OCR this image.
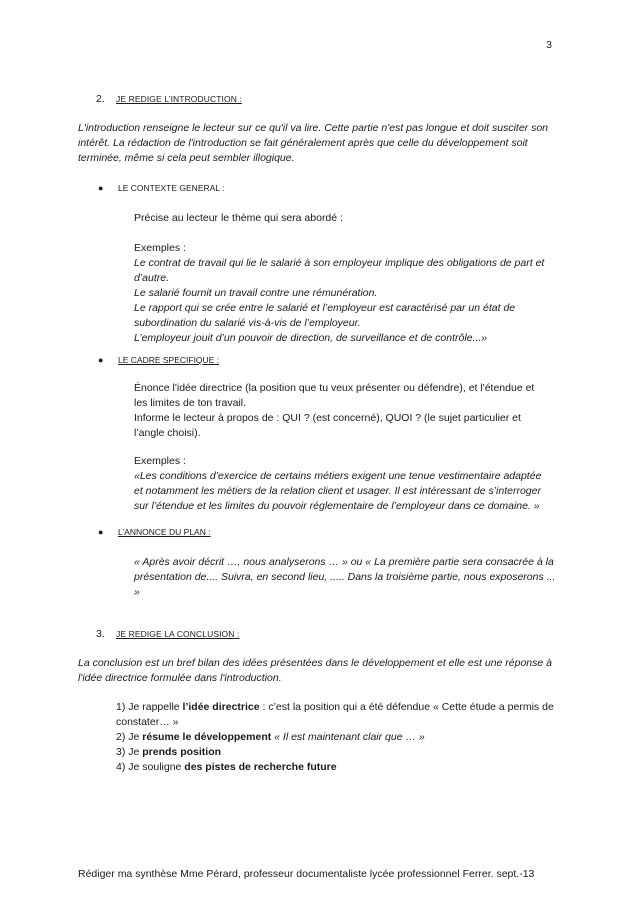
3
2. JE REDIGE L’INTRODUCTION :
L'introduction renseigne le lecteur sur ce qu'il va lire. Cette partie n'est pas longue et doit susciter son
intérêt. La rédaction de l'introduction se fait généralement après que celle du développement soit
terminée, même si cela peut sembler illogique.
● LE CONTEXTE GENERAL :
Précise au lecteur le thème qui sera abordé :
Exemples :
Le contrat de travail qui lie le salarié à son employeur implique des obligations de part et
d’autre.
Le salarié fournit un travail contre une rémunération.
Le rapport qui se crée entre le salarié et l’employeur est caractérisé par un état de
subordination du salarié vis-à-vis de l’employeur.
L’employeur jouit d’un pouvoir de direction, de surveillance et de contrôle...»
● LE CADRE SPECIFIQUE :
Énonce l'idée directrice (la position que tu veux présenter ou défendre), et l'étendue et
les limites de ton travail.
Informe le lecteur à propos de : QUI ? (est concerné), QUOI ? (le sujet particulier et
l’angle choisi).
Exemples :
«Les conditions d’exercice de certains métiers exigent une tenue vestimentaire adaptée
et notamment les métiers de la relation client et usager. Il est intéressant de s’interroger
sur l’étendue et les limites du pouvoir réglementaire de l’employeur dans ce domaine. »
● L’ANNONCE DU PLAN :
« Après avoir décrit …, nous analyserons … » ou « La première partie sera consacrée à la
présentation de.... Suivra, en second lieu, ..... Dans la troisième partie, nous exposerons ...
»
3. JE REDIGE LA CONCLUSION :
La conclusion est un bref bilan des idées présentées dans le développement et elle est une réponse à
l'idée directrice formulée dans l'introduction.
1) Je rappelle l’idée directrice : c’est la position qui a été défendue « Cette étude a permis de
constater… »
2) Je résume le développement « Il est maintenant clair que … »
3) Je prends position
4) Je souligne des pistes de recherche future
Rédiger ma synthèse Mme Pérard, professeur documentaliste lycée professionnel Ferrer. sept.-13
